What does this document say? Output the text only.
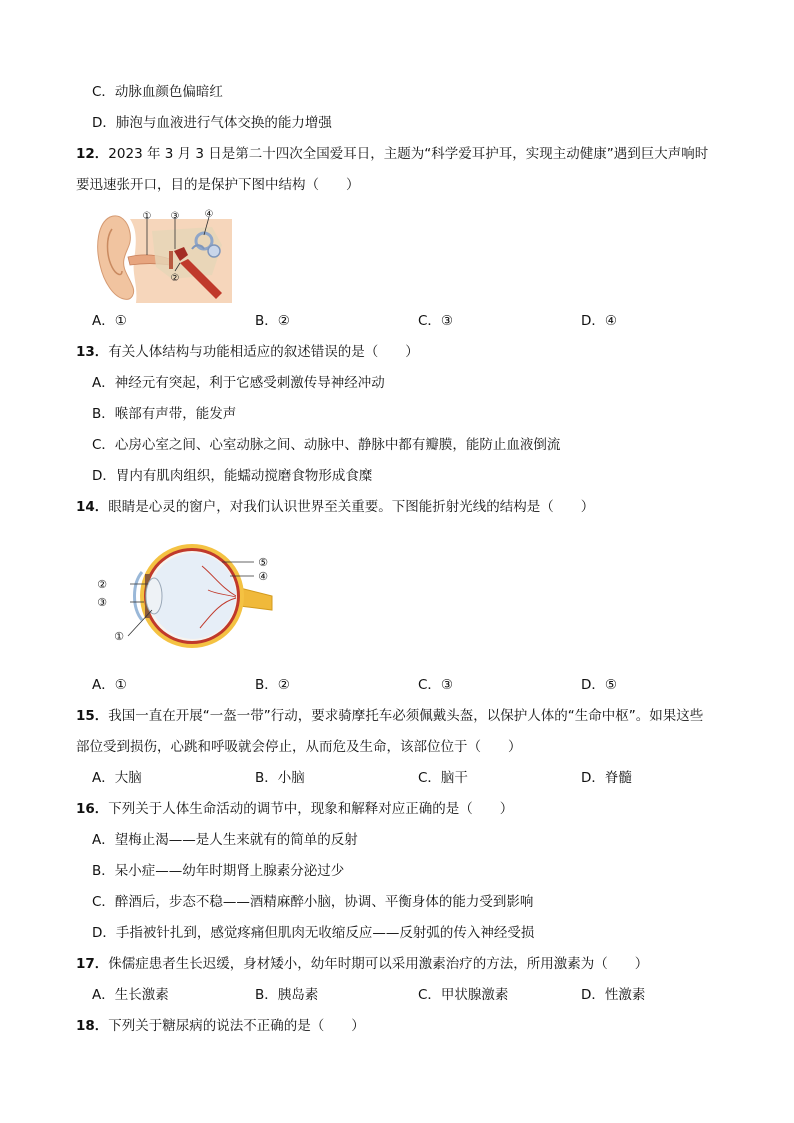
C．动脉血颜色偏暗红
D．肺泡与血液进行气体交换的能力增强
12．2023 年 3 月 3 日是第二十四次全国爱耳日，主题为“科学爱耳护耳，实现主动健康”遇到巨大声响时
要迅速张开口，目的是保护下图中结构（　　）
① ③	④
②
A．①	B．②	C．③	D．④
13．有关人体结构与功能相适应的叙述错误的是（　　）
A．神经元有突起，利于它感受刺激传导神经冲动
B．喉部有声带，能发声
C．心房心室之间、心室动脉之间、动脉中、静脉中都有瓣膜，能防止血液倒流
D．胃内有肌肉组织，能蠕动搅磨食物形成食糜
14．眼睛是心灵的窗户，对我们认识世界至关重要。下图能折射光线的结构是（　　）
⑤
④
②
③
①
A．①	B．②	C．③	D．⑤
15．我国一直在开展“一盔一带”行动，要求骑摩托车必须佩戴头盔，以保护人体的“生命中枢”。如果这些
部位受到损伤，心跳和呼吸就会停止，从而危及生命，该部位位于（　　）
A．大脑	B．小脑	C．脑干	D．脊髓
16．下列关于人体生命活动的调节中，现象和解释对应正确的是（　　）
A．望梅止渴——是人生来就有的简单的反射
B．呆小症——幼年时期肾上腺素分泌过少
C．醉酒后，步态不稳——酒精麻醉小脑，协调、平衡身体的能力受到影响
D．手指被针扎到，感觉疼痛但肌肉无收缩反应——反射弧的传入神经受损
17．侏儒症患者生长迟缓，身材矮小，幼年时期可以采用激素治疗的方法，所用激素为（　　）
A．生长激素	B．胰岛素	C．甲状腺激素	D．性激素
18．下列关于糖尿病的说法不正确的是（　　）
